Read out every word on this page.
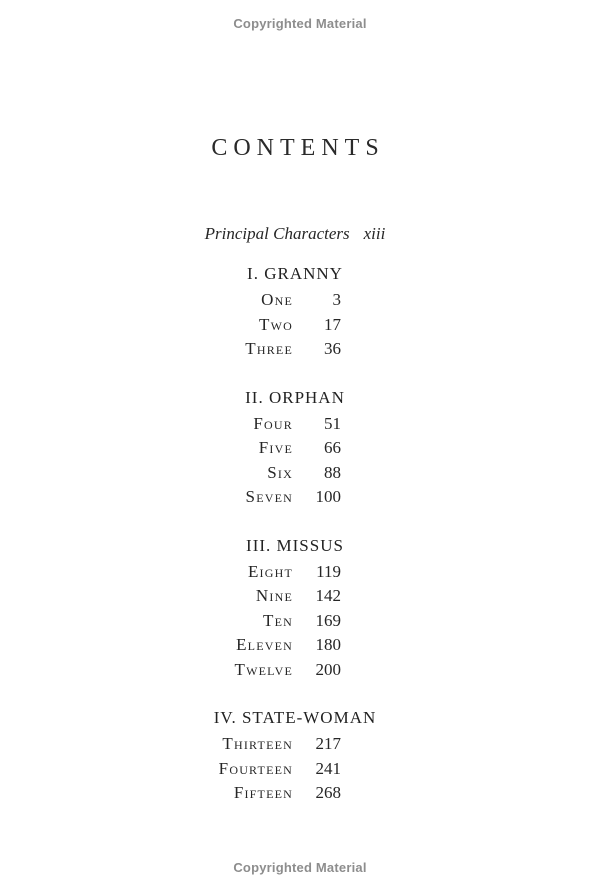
Copyrighted Material
CONTENTS
Principal Characters xiii
I. GRANNY
One	3
Two	17
Three	36
II. ORPHAN
Four	51
Five	66
Six	88
Seven	100
III. MISSUS
Eight	119
Nine	142
Ten	169
Eleven	180
Twelve	200
IV. STATE-WOMAN
Thirteen	217
Fourteen	241
Fifteen	268
Copyrighted Material
